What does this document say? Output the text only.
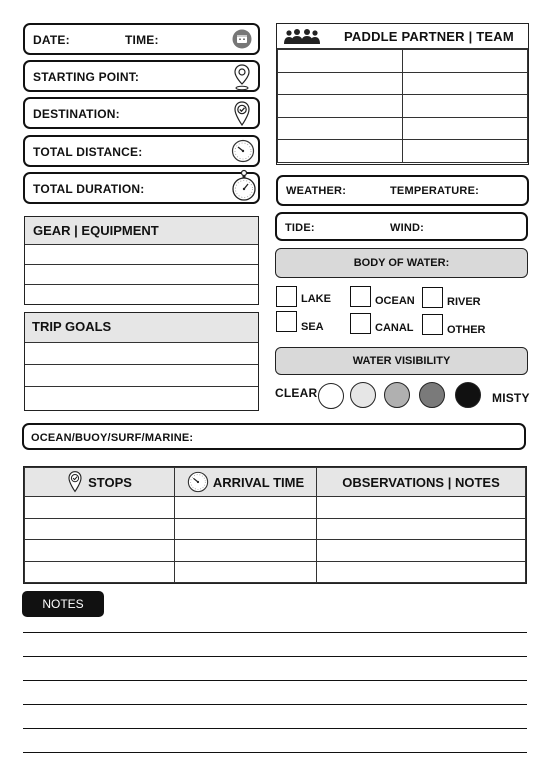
DATE:	TIME:
STARTING POINT:
DESTINATION:
TOTAL DISTANCE:
TOTAL DURATION:
GEAR | EQUIPMENT
TRIP GOALS
PADDLE PARTNER | TEAM

WEATHER:	TEMPERATURE:
TIDE:	WIND:
BODY OF WATER:
LAKE	OCEAN	RIVER
SEA	CANAL	OTHER
WATER VISIBILITY
CLEAR	MISTY
OCEAN/BUOY/SURF/MARINE:
STOPS	ARRIVAL TIME	OBSERVATIONS | NOTES

NOTES
